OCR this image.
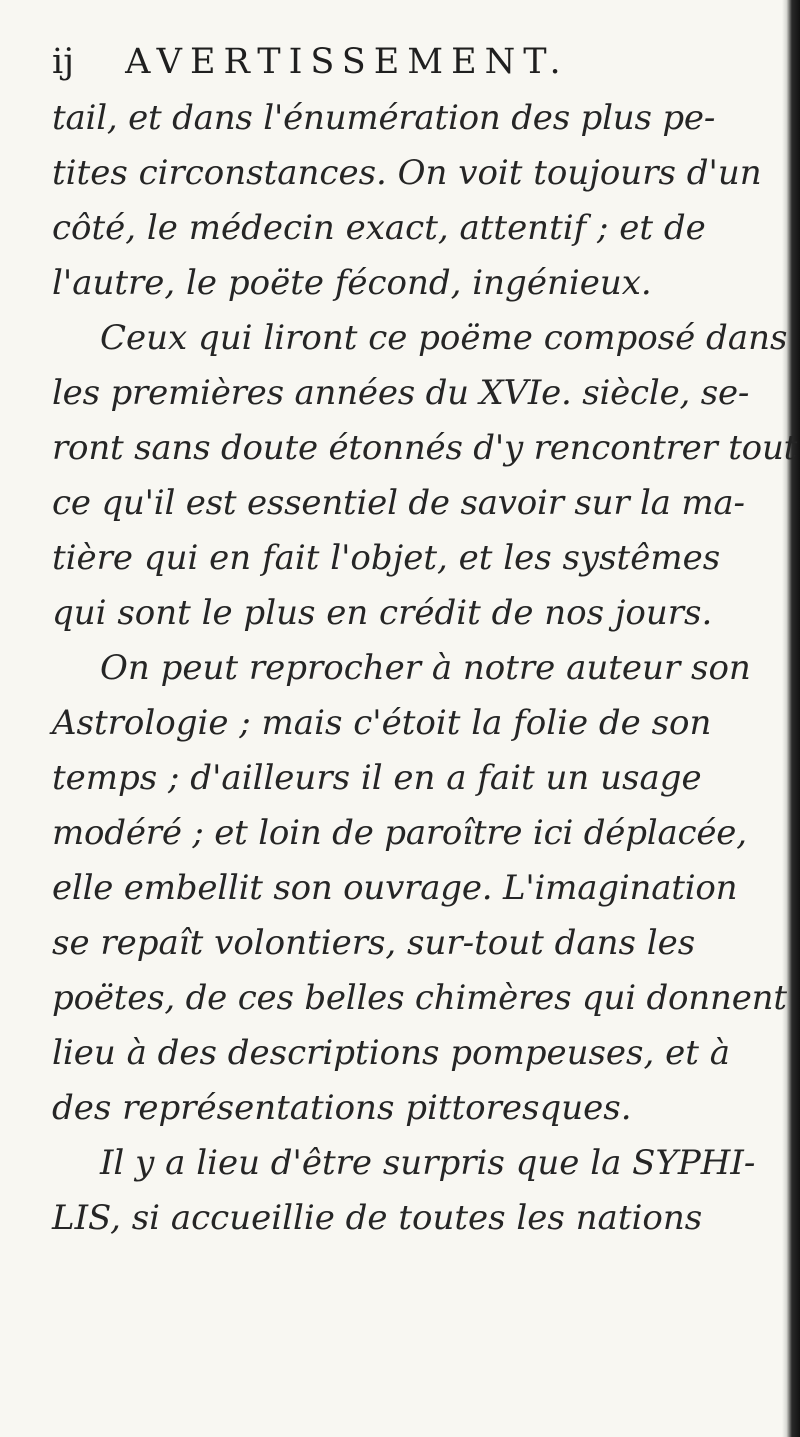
ij AVERTISSEMENT.
tail, et dans l'énumération des plus pe-
tites circonstances. On voit toujours d'un
côté, le médecin exact, attentif ; et de
l'autre, le poëte fécond, ingénieux.
Ceux qui liront ce poëme composé dans
les premières années du XVIe. siècle, se-
ront sans doute étonnés d'y rencontrer tout
ce qu'il est essentiel de savoir sur la ma-
tière qui en fait l'objet, et les systêmes
qui sont le plus en crédit de nos jours.
On peut reprocher à notre auteur son
Astrologie ; mais c'étoit la folie de son
temps ; d'ailleurs il en a fait un usage
modéré ; et loin de paroître ici déplacée,
elle embellit son ouvrage. L'imagination
se repaît volontiers, sur-tout dans les
poëtes, de ces belles chimères qui donnent
lieu à des descriptions pompeuses, et à
des représentations pittoresques.
Il y a lieu d'être surpris que la SYPHI-
LIS, si accueillie de toutes les nations
